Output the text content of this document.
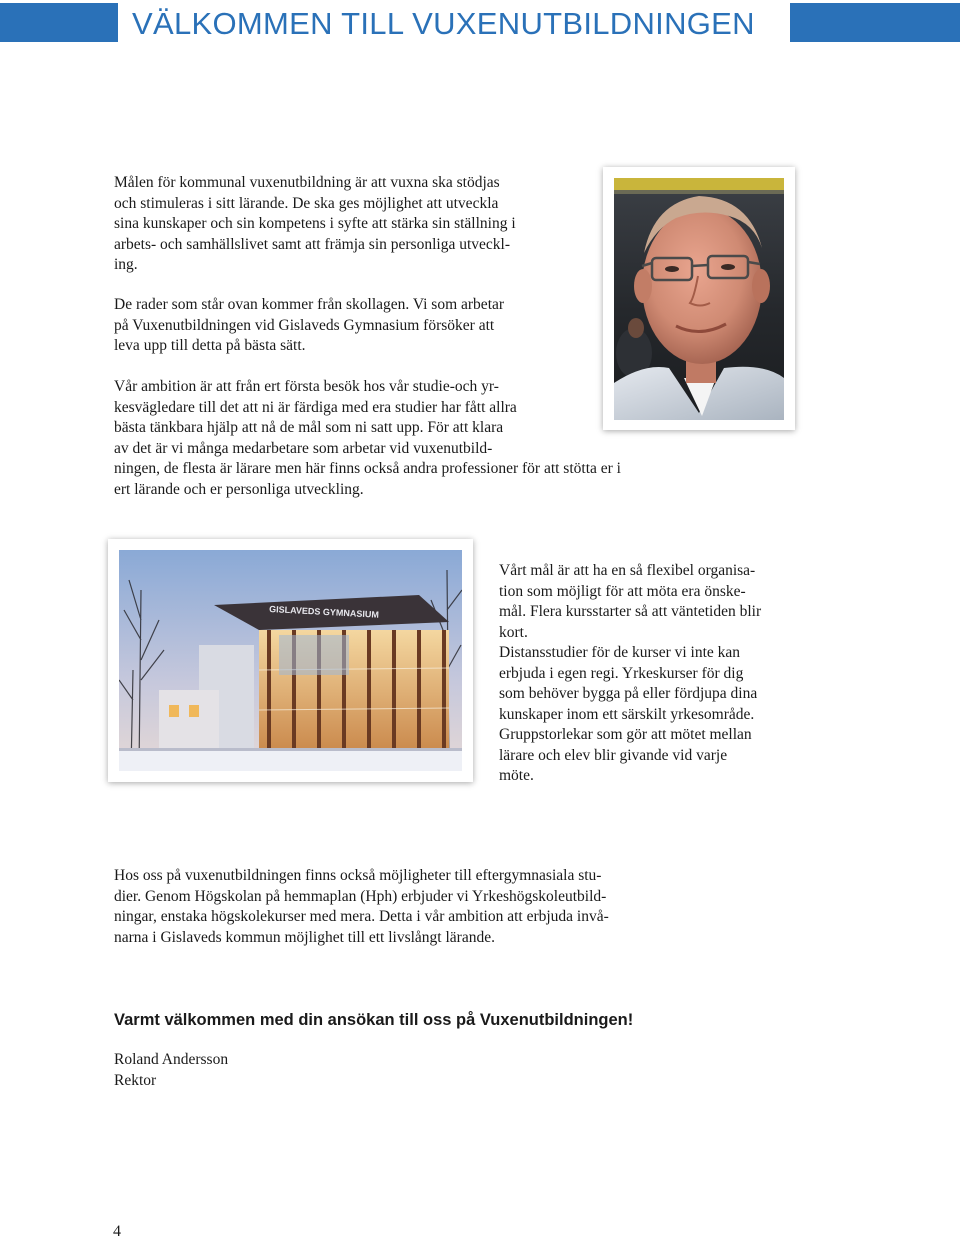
VÄLKOMMEN TILL VUXENUTBILDNINGEN
Målen för kommunal vuxenutbildning är att vuxna ska stödjas
och stimuleras i sitt lärande. De ska ges möjlighet att utveckla
sina kunskaper och sin kompetens i syfte att stärka sin ställning i
arbets- och samhällslivet samt att främja sin personliga utveckl-
ing.
De rader som står ovan kommer från skollagen. Vi som arbetar
på Vuxenutbildningen vid Gislaveds Gymnasium försöker att
leva upp till detta på bästa sätt.
Vår ambition är att från ert första besök hos vår studie-och yr-
kesvägledare till det att ni är färdiga med era studier har fått allra
bästa tänkbara hjälp att nå de mål som ni satt upp. För att klara
av det är vi många medarbetare som arbetar vid vuxenutbild-
ningen, de flesta är lärare men här finns också andra professioner för att stötta er i
ert lärande och er personliga utveckling.
GISLAVEDS GYMNASIUM
Vårt mål är att ha en så flexibel organisa-
tion som möjligt för att möta era önske-
mål. Flera kursstarter så att väntetiden blir
kort.
Distansstudier för de kurser vi inte kan
erbjuda i egen regi. Yrkeskurser för dig
som behöver bygga på eller fördjupa dina
kunskaper inom ett särskilt yrkesområde.
Gruppstorlekar som gör att mötet mellan
lärare och elev blir givande vid varje
möte.
Hos oss på vuxenutbildningen finns också möjligheter till eftergymnasiala stu-
dier. Genom Högskolan på hemmaplan (Hph) erbjuder vi Yrkeshögskoleutbild-
ningar, enstaka högskolekurser med mera. Detta i vår ambition att erbjuda invå-
narna i Gislaveds kommun möjlighet till ett livslångt lärande.

Varmt välkommen med din ansökan till oss på Vuxenutbildningen!

Roland Andersson
Rektor
4
